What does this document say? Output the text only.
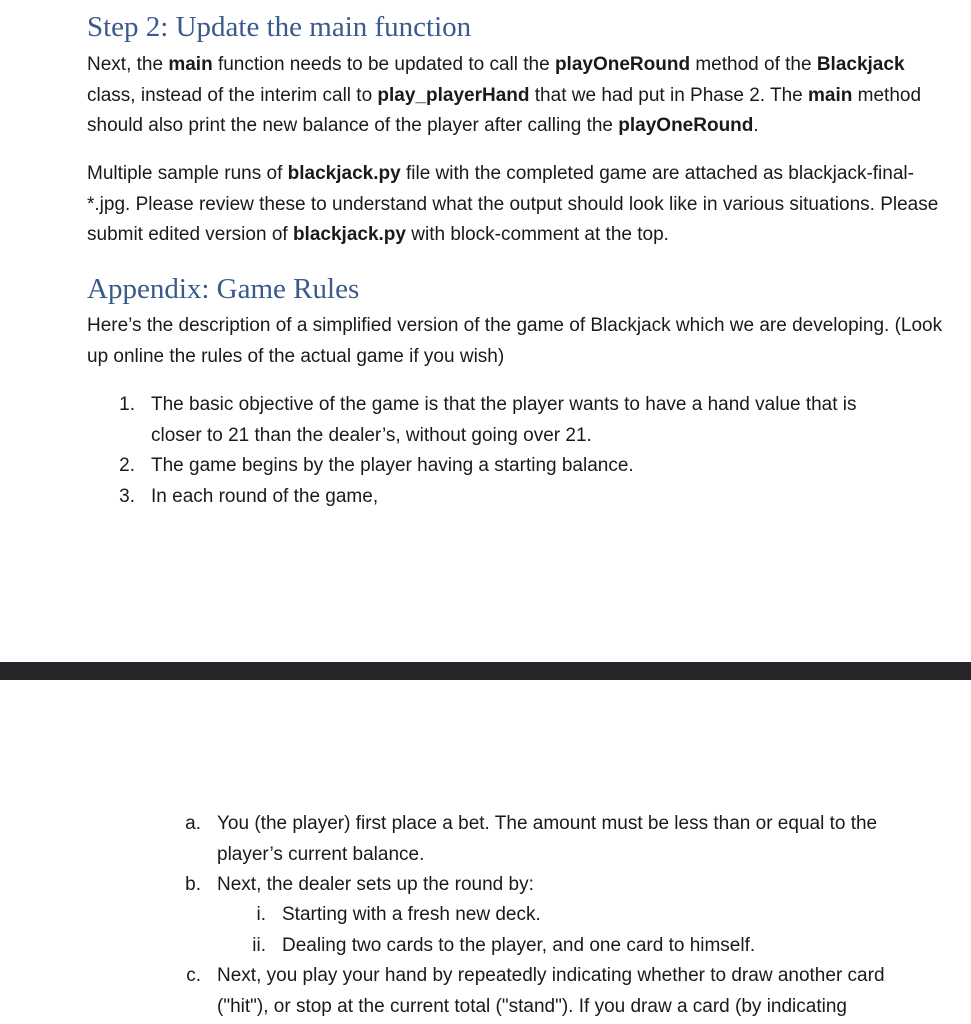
Step 2: Update the main function

Next, the main function needs to be updated to call the playOneRound method of the Blackjack class, instead of the interim call to play_playerHand that we had put in Phase 2. The main method should also print the new balance of the player after calling the playOneRound.

Multiple sample runs of blackjack.py file with the completed game are attached as blackjack-final-*.jpg. Please review these to understand what the output should look like in various situations. Please submit edited version of blackjack.py with block-comment at the top.

Appendix: Game Rules

Here’s the description of a simplified version of the game of Blackjack which we are developing. (Look up online the rules of the actual game if you wish)

1. The basic objective of the game is that the player wants to have a hand value that is closer to 21 than the dealer’s, without going over 21.
2. The game begins by the player having a starting balance.
3. In each round of the game,
a. You (the player) first place a bet. The amount must be less than or equal to the player’s current balance.
b. Next, the dealer sets up the round by:
i. Starting with a fresh new deck.
ii. Dealing two cards to the player, and one card to himself.
c. Next, you play your hand by repeatedly indicating whether to draw another card ("hit"), or stop at the current total ("stand"). If you draw a card (by indicating
